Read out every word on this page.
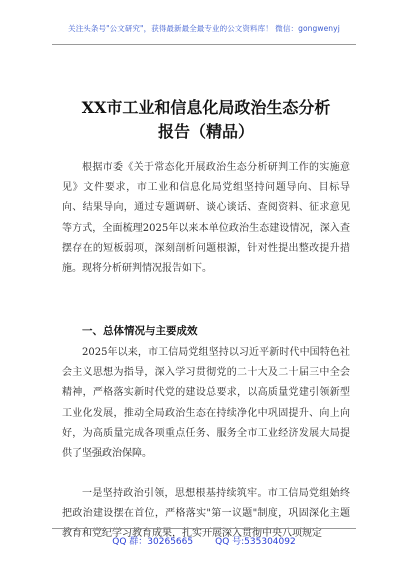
关注头条号"公文研究"，获得最新最全最专业的公文资料库！ 微信：gongwenyj
XX市工业和信息化局政治生态分析报告（精品）
根据市委《关于常态化开展政治生态分析研判工作的实施意见》文件要求，市工业和信息化局党组坚持问题导向、目标导向、结果导向，通过专题调研、谈心谈话、查阅资料、征求意见等方式，全面梳理2025年以来本单位政治生态建设情况，深入查摆存在的短板弱项，深刻剖析问题根源，针对性提出整改提升措施。现将分析研判情况报告如下。
一、总体情况与主要成效
2025年以来，市工信局党组坚持以习近平新时代中国特色社会主义思想为指导，深入学习贯彻党的二十大及二十届三中全会精神，严格落实新时代党的建设总要求，以高质量党建引领新型工业化发展，推动全局政治生态在持续净化中巩固提升、向上向好，为高质量完成各项重点任务、服务全市工业经济发展大局提供了坚强政治保障。
一是坚持政治引领，思想根基持续筑牢。市工信局党组始终把政治建设摆在首位，严格落实"第一议题"制度，巩固深化主题教育和党纪学习教育成果，扎实开展深入贯彻中央八项规定
QQ 群：30265665 QQ 号:535304092
